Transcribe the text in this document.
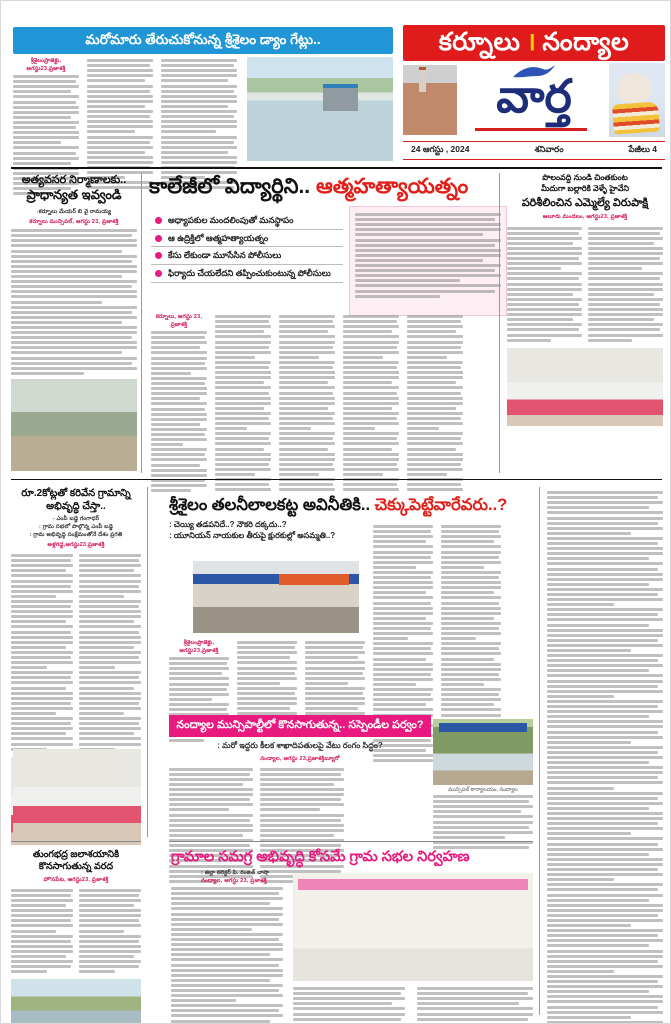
మరోమారు తేరుచుకోనున్న శ్రీశైలం డ్యాం గేట్లు..
శ్రీశైలంప్రాజెక్టు, ఆగస్టు23,ప్రజాశక్తి
కర్నూలు । నంద్యాల
వార్త
24 ఆగస్టు , 2024	శనివారం	పేజీలు 4
అత్యవసర నిర్మాణాలకు..
ప్రాధాన్యత ఇవ్వండి
-కర్నూలు మేయర్ బి వై రామయ్య
కర్నూలు మున్సిపల్, ఆగస్టు 23, ప్రజాశక్తి
కాలేజీలో విద్యార్థిని.. ఆత్మహత్యాయత్నం
అధ్యాపకుల మందలింపుతో మనస్థాపం
ఆ ఉద్రిక్తిలో ఆత్మహత్యాయత్నం
కేసు లేకుండా మూసేసిన పోలీసులు
ఫిర్యాదు చేయలేదని తప్పించుకుంటున్న పోలీసులు
కర్నూలు, ఆగస్టు 23, ప్రజాశక్తి
పొలంవద్ది నుండి చింతకుంట
మీదుగా బల్లారికి వెళ్ళే హైవేని
పరిశీలించిన ఎమ్మెల్యే విరుపాక్షి
ఆలూరు మండలం, ఆగస్టు23, ప్రజాశక్తి
రూ.2కోట్లతో కరివేన గ్రామాన్ని
అభివృద్ధి చేస్తా..
- ఎంపీ బడ్జె గంగాధర్
: గ్రామ సభలో పాల్గొన్న ఎంపీ బడ్జె
: గ్రామ అభివృద్ధి సంక్షేమంతోనే దేశం ప్రగతి
ఆళ్లగడ్డ,ఆగస్టు23,ప్రజాశక్తి
శ్రీశైలం తలనీలాలకట్ట అవినీతికి.. చెక్కుపెట్టేవారేవరు..?
: చెయ్యి తడపనిదే..? నౌకరి దక్కదు..?
: యూనియన్ నాయకుల తీరుపై క్షురకుల్లో అసమ్మతి..?
శ్రీశైలంప్రాజెక్టు, ఆగస్టు23,ప్రజాశక్తి
నంద్యాల మున్సిపాల్టీలో కొనసాగుతున్న.. సస్పెండీల పర్వం?
: మరో ఇద్దరు కీలక శాఖాదిపతులపై వేటు రంగం సిద్ధం?
నంద్యాల, ఆగస్టు 23,ప్రజాశక్తిబ్యూరో
మున్సిపల్ కార్యాలయం, నంద్యాల
తుంగభద్ర జలాశయానికి
కొనసాగుతున్న వరద
హొసపేట, ఆగస్టు23, ప్రజాశక్తి
గ్రామాల సమగ్ర అభివృద్ధి కోసమే గ్రామ సభల నిర్వహణ
: జిల్లా కలెక్టర్ పి. రంజిత్ బాషా
నంద్యాల, ఆగస్టు 23, ప్రజాశక్తి
